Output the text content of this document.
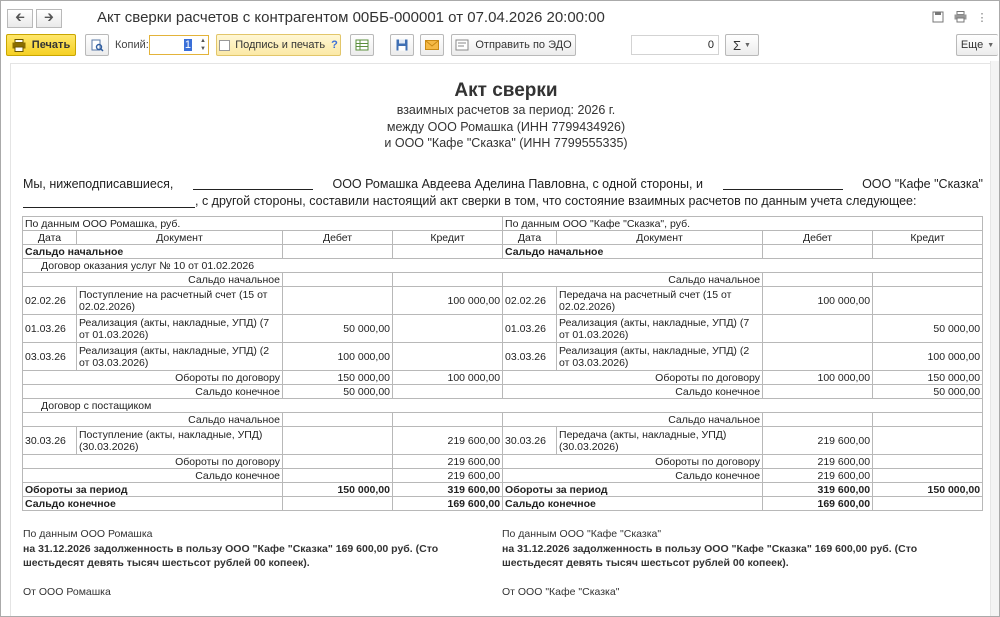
🡰 🡲	Акт сверки расчетов с контрагентом 00ББ-000001 от 07.04.2026 20:00:00	⋮
Печать	Копий:	1 ▲
▼	Подпись и печать ?	Отправить по ЭДО	0 Σ ▼	Еще ▼
Акт сверки
взаимных расчетов за период: 2026 г.
между ООО Ромашка (ИНН 7799434926)
и ООО "Кафе "Сказка" (ИНН 7799555335)
Мы, нижеподписавшиеся,	ООО Ромашка Авдеева Аделина Павловна, с одной стороны, и	ООО "Кафе "Сказка"
, с другой стороны, составили настоящий акт сверки в том, что состояние взаимных расчетов по данным учета следующее:
По данным ООО Ромашка, руб.				По данным ООО "Кафе "Сказка", руб.			
Дата	Документ	Дебет	Кредит	Дата	Документ	Дебет	Кредит
Сальдо начальное				Сальдо начальное			
Договор оказания услуг № 10 от 01.02.2026							
Сальдо начальное				Сальдо начальное			
02.02.26	Поступление на расчетный счет (15 от 02.02.2026)		100 000,00	02.02.26	Передача на расчетный счет (15 от 02.02.2026)	100 000,00	
01.03.26	Реализация (акты, накладные, УПД) (7 от 01.03.2026)	50 000,00		01.03.26	Реализация (акты, накладные, УПД) (7 от 01.03.2026)		50 000,00
03.03.26	Реализация (акты, накладные, УПД) (2 от 03.03.2026)	100 000,00		03.03.26	Реализация (акты, накладные, УПД) (2 от 03.03.2026)		100 000,00
Обороты по договору		150 000,00	100 000,00	Обороты по договору		100 000,00	150 000,00
Сальдо конечное		50 000,00		Сальдо конечное			50 000,00
Договор с постащиком							
Сальдо начальное				Сальдо начальное			
30.03.26	Поступление (акты, накладные, УПД) (30.03.2026)		219 600,00	30.03.26	Передача (акты, накладные, УПД) (30.03.2026)	219 600,00	
Обороты по договору			219 600,00	Обороты по договору		219 600,00	
Сальдо конечное			219 600,00	Сальдо конечное		219 600,00	
Обороты за период		150 000,00	319 600,00	Обороты за период		319 600,00	150 000,00
Сальдо конечное			169 600,00	Сальдо конечное		169 600,00	
По данным ООО Ромашка
на 31.12.2026 задолженность в пользу ООО "Кафе "Сказка" 169 600,00 руб. (Сто шестьдесят девять тысяч шестьсот рублей 00 копеек).
От ООО Ромашка
По данным ООО "Кафе "Сказка"
на 31.12.2026 задолженность в пользу ООО "Кафе "Сказка" 169 600,00 руб. (Сто шестьдесят девять тысяч шестьсот рублей 00 копеек).
От ООО "Кафе "Сказка"
